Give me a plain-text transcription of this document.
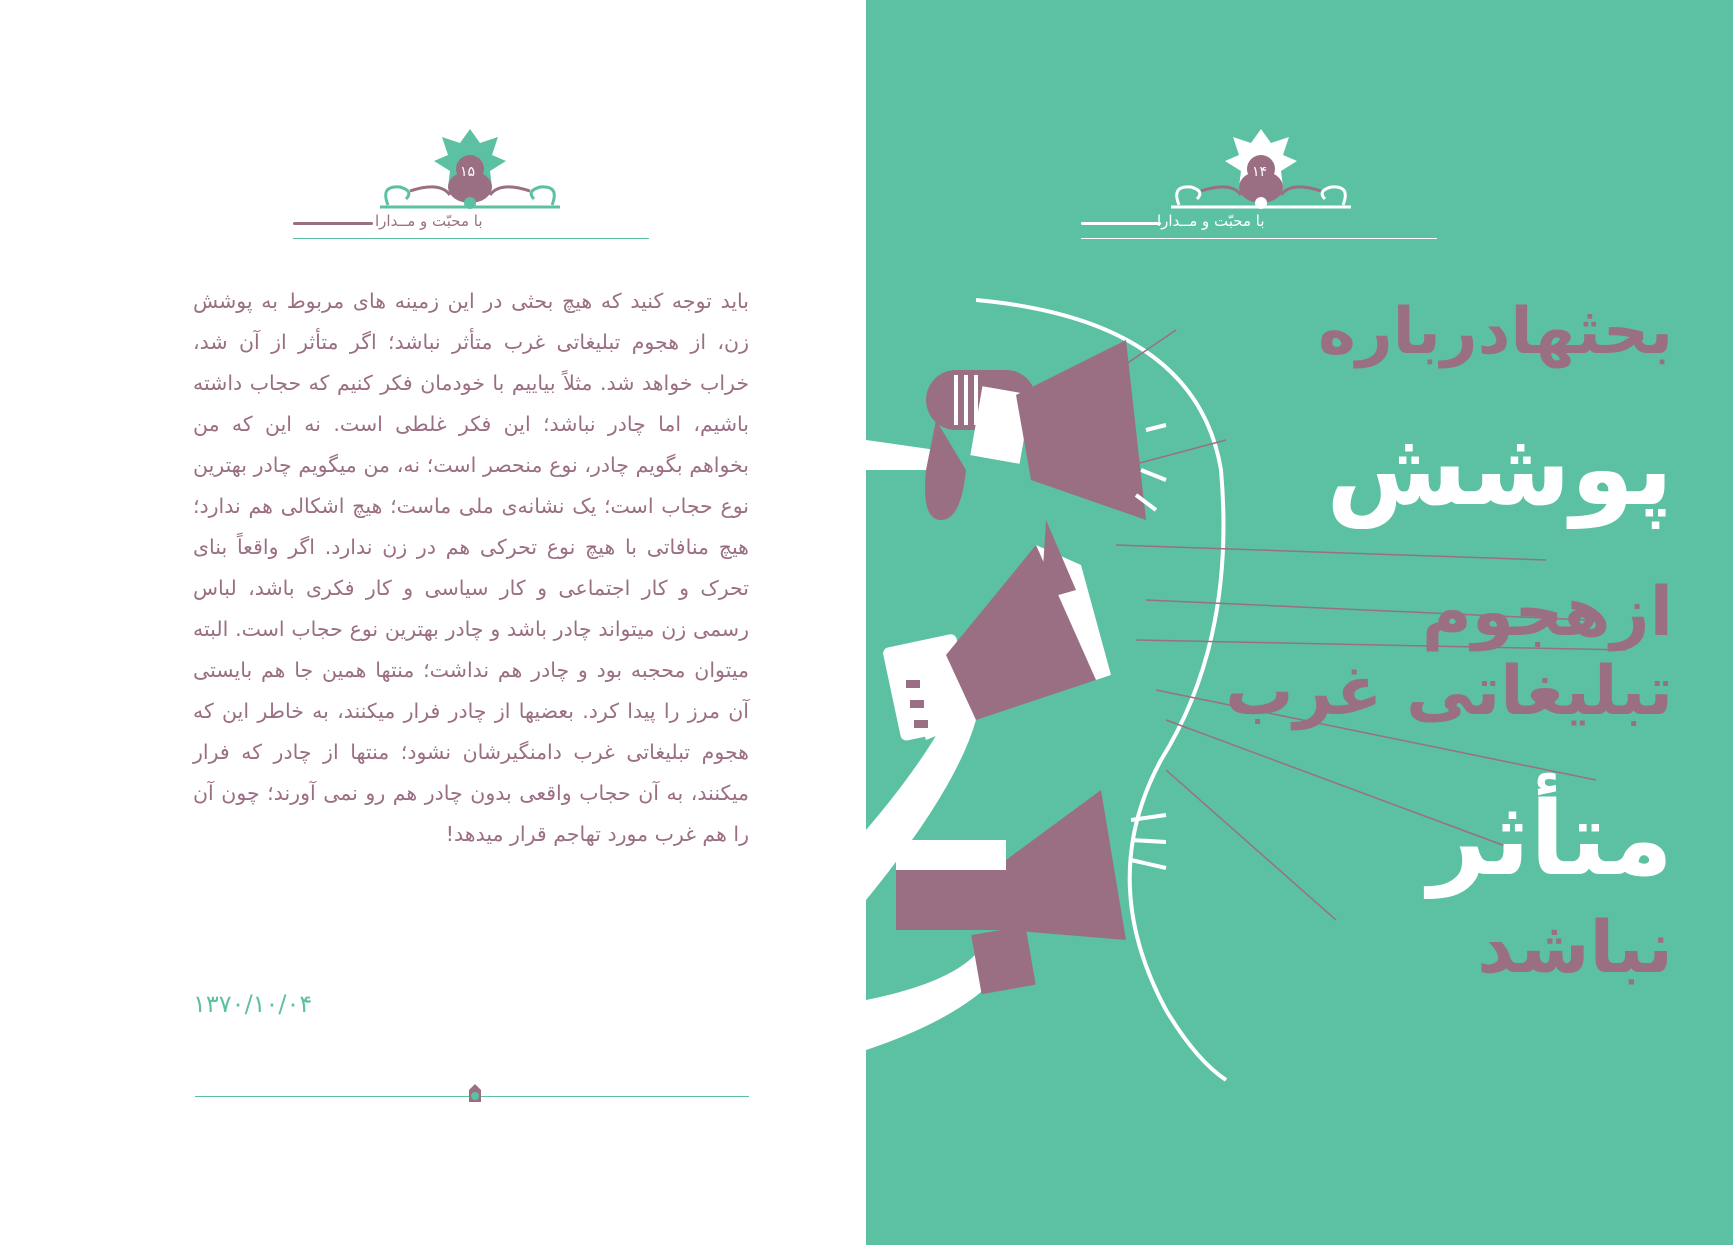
با محبّت و مــدارا
۱۵
باید توجه کنید که هیچ بحثی در این زمینه های مربوط به پوشش زن، از هجوم تبلیغاتی غرب متأثر نباشد؛ اگر متأثر از آن شد، خراب خواهد شد. مثلاً بیاییم با خودمان فکر کنیم که حجاب داشته باشیم، اما چادر نباشد؛ این فکر غلطی است. نه این که من بخواهم بگویم چادر، نوع منحصر است؛ نه، من میگویم چادر بهترین نوع حجاب است؛ یک نشانه‌ی ملی ماست؛ هیچ اشکالی هم ندارد؛ هیچ منافاتی با هیچ نوع تحرکی هم در زن ندارد. اگر واقعاً بنای تحرک و کار اجتماعی و کار سیاسی و کار فکری باشد، لباس رسمی زن میتواند چادر باشد و چادر بهترین نوع حجاب است. البته میتوان محجبه بود و چادر هم نداشت؛ منتها همین جا هم بایستی آن مرز را پیدا کرد. بعضیها از چادر فرار میکنند، به خاطر این که هجوم تبلیغاتی غرب دامنگیرشان نشود؛ منتها از چادر که فرار میکنند، به آن حجاب واقعی بدون چادر هم رو نمی آورند؛ چون آن را هم غرب مورد تهاجم قرار میدهد!
۱۳۷۰/۱۰/۰۴
۱۴
بحثهادرباره
پوشش
ازهجوم
تبلیغاتی غرب
متأثر
نباشد
با محبّت و مــدارا
